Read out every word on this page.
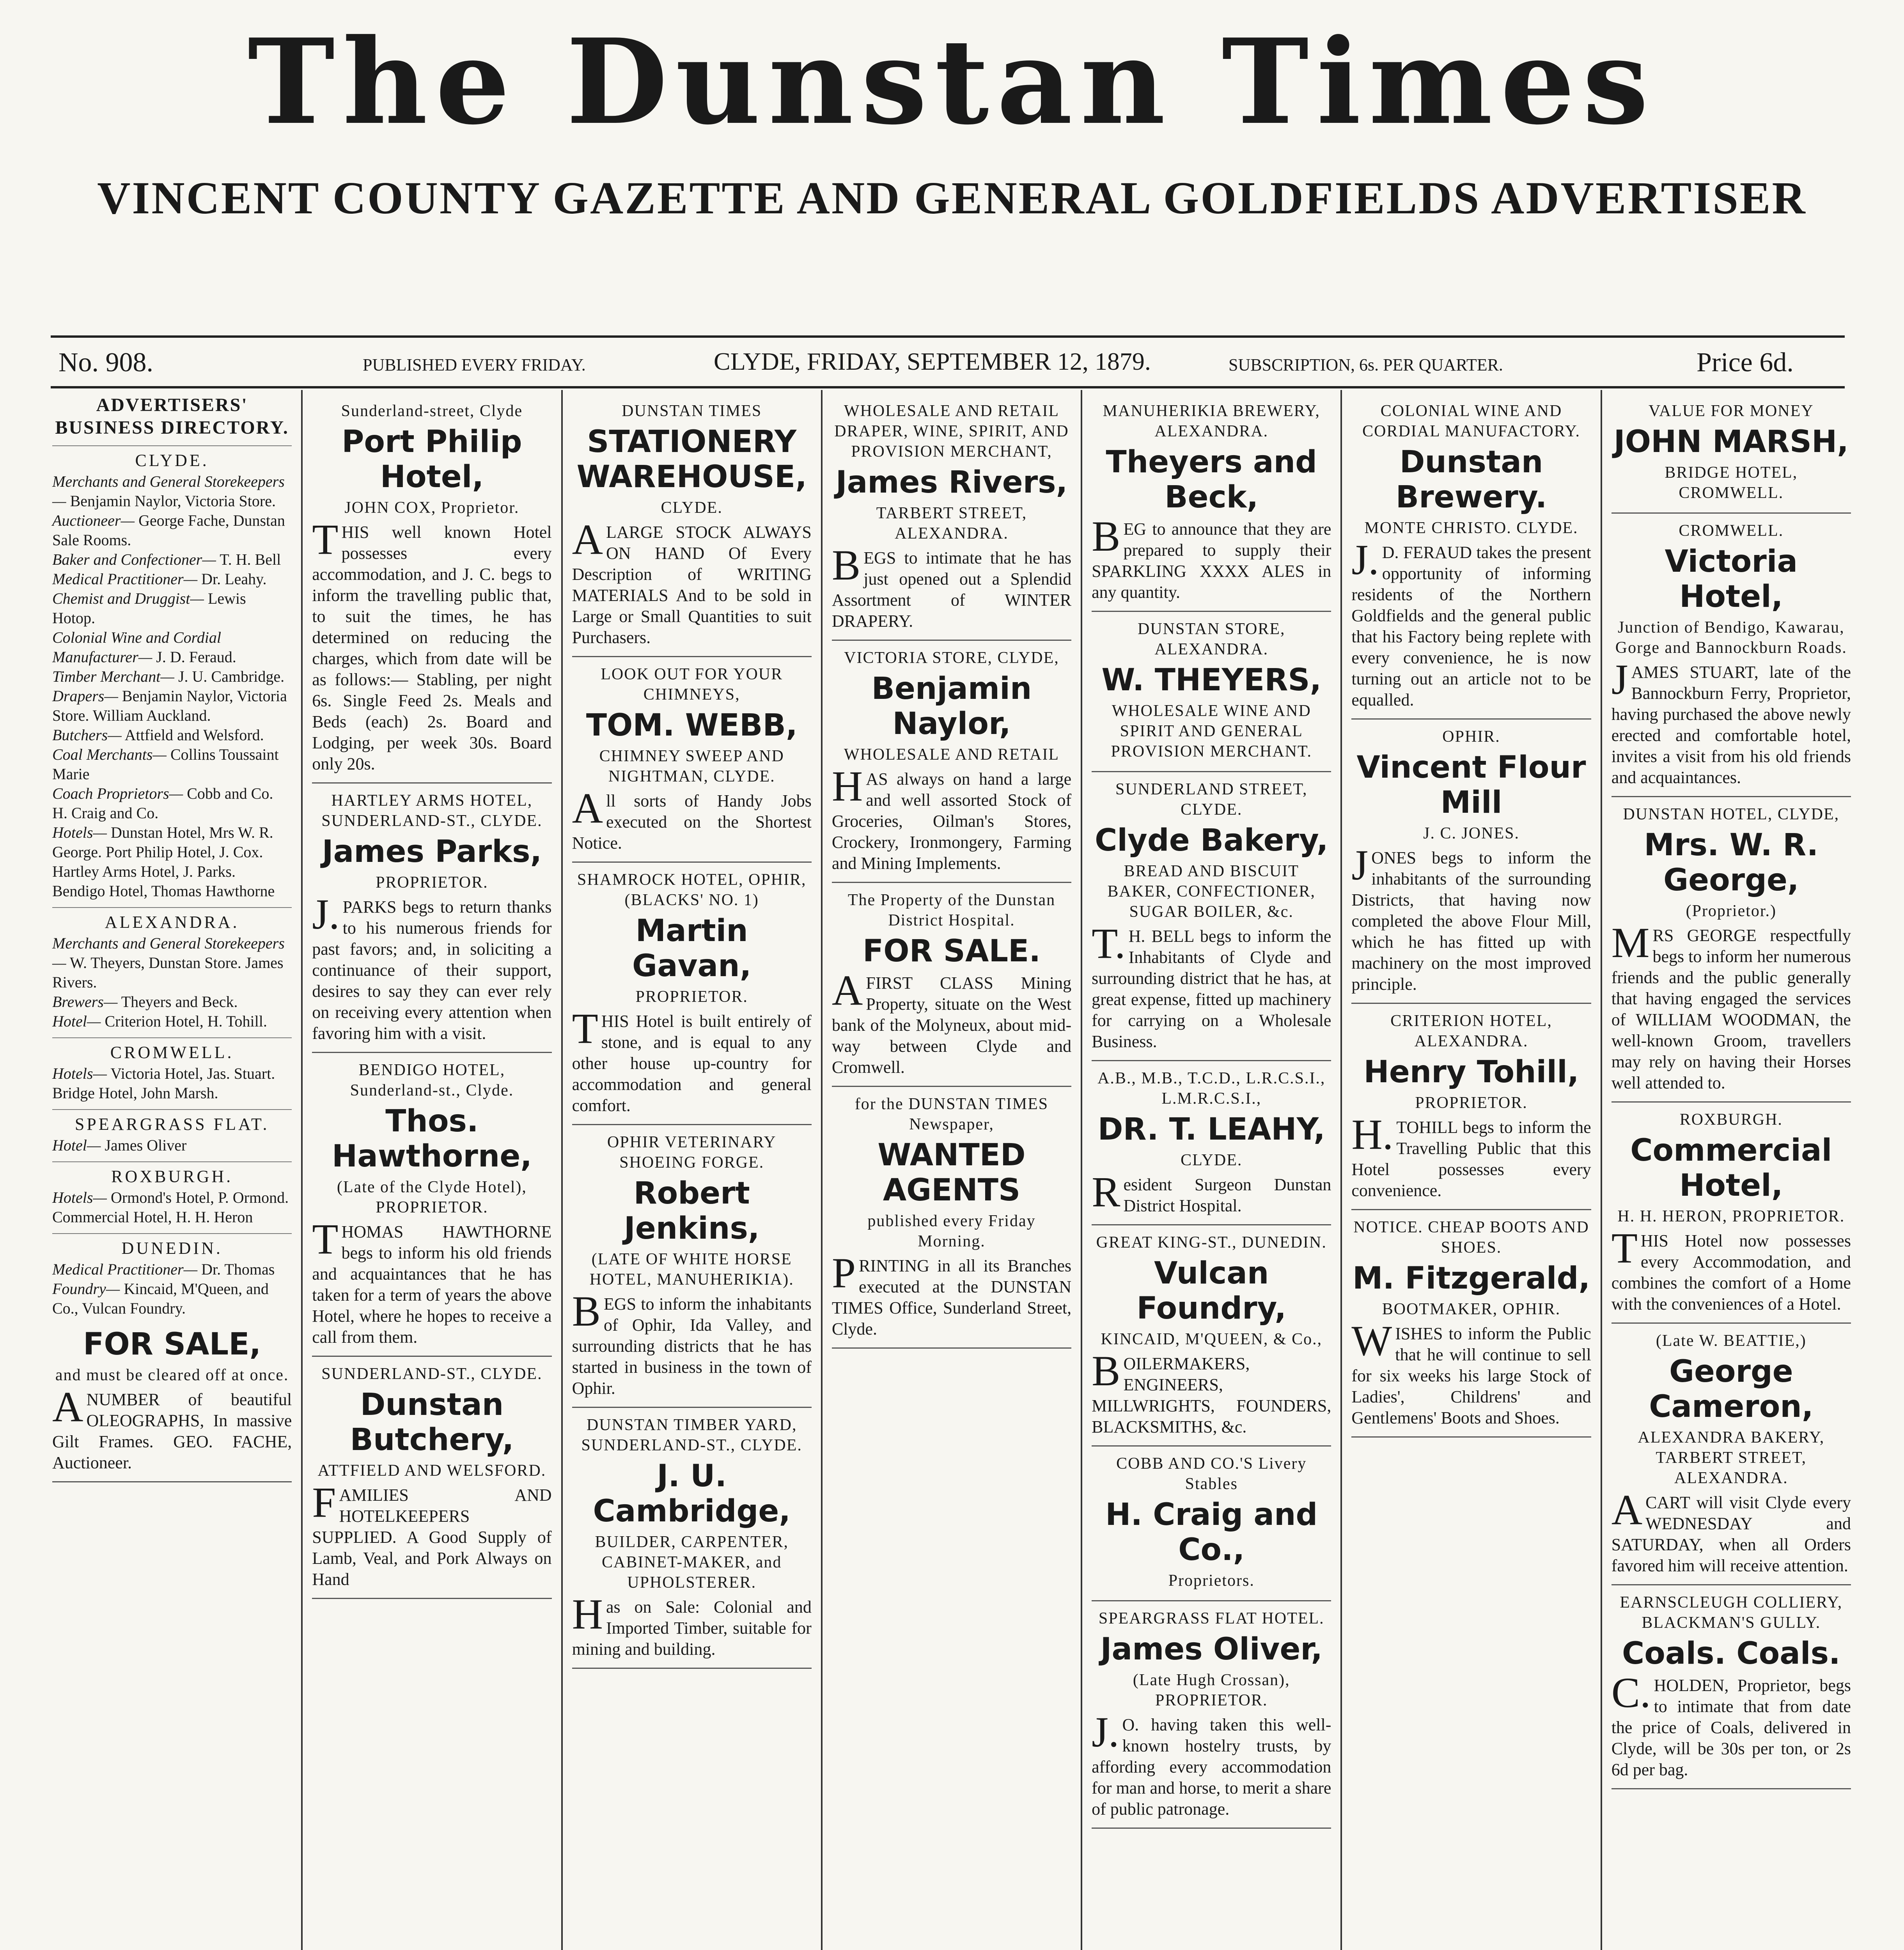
The Dunstan Times
VINCENT COUNTY GAZETTE AND GENERAL GOLDFIELDS ADVERTISER
No. 908.	PUBLISHED EVERY FRIDAY.	CLYDE, FRIDAY, SEPTEMBER 12, 1879.	SUBSCRIPTION, 6s. PER QUARTER.	Price 6d.
ADVERTISERS' BUSINESS DIRECTORY.
CLYDE.
Merchants and General Storekeepers— Benjamin Naylor, Victoria Store.
Auctioneer— George Fache, Dunstan Sale Rooms.
Baker and Confectioner— T. H. Bell
Medical Practitioner— Dr. Leahy.
Chemist and Druggist— Lewis Hotop.
Colonial Wine and Cordial Manufacturer— J. D. Feraud.
Timber Merchant— J. U. Cambridge.
Drapers— Benjamin Naylor, Victoria Store. William Auckland.
Butchers— Attfield and Welsford.
Coal Merchants— Collins Toussaint Marie
Coach Proprietors— Cobb and Co. H. Craig and Co.
Hotels— Dunstan Hotel, Mrs W. R. George. Port Philip Hotel, J. Cox. Hartley Arms Hotel, J. Parks. Bendigo Hotel, Thomas Hawthorne
ALEXANDRA.
Merchants and General Storekeepers— W. Theyers, Dunstan Store. James Rivers.
Brewers— Theyers and Beck.
Hotel— Criterion Hotel, H. Tohill.
CROMWELL.
Hotels— Victoria Hotel, Jas. Stuart. Bridge Hotel, John Marsh.
SPEARGRASS FLAT.
Hotel— James Oliver
ROXBURGH.
Hotels— Ormond's Hotel, P. Ormond. Commercial Hotel, H. H. Heron
DUNEDIN.
Medical Practitioner— Dr. Thomas
Foundry— Kincaid, M'Queen, and Co., Vulcan Foundry.
FOR SALE,
and must be cleared off at once.
ANUMBER of beautiful OLEOGRAPHS, In massive Gilt Frames. GEO. FACHE, Auctioneer.
Sunderland-street, Clyde
Port Philip Hotel,
JOHN COX, Proprietor.
THIS well known Hotel possesses every accommodation, and J. C. begs to inform the travelling public that, to suit the times, he has determined on reducing the charges, which from date will be as follows:— Stabling, per night 6s. Single Feed 2s. Meals and Beds (each) 2s. Board and Lodging, per week 30s. Board only 20s.
HARTLEY ARMS HOTEL, SUNDERLAND-ST., CLYDE.
James Parks,
PROPRIETOR.
J.PARKS begs to return thanks to his numerous friends for past favors; and, in soliciting a continuance of their support, desires to say they can ever rely on receiving every attention when favoring him with a visit.
BENDIGO HOTEL, Sunderland-st., Clyde.
Thos. Hawthorne,
(Late of the Clyde Hotel), PROPRIETOR.
THOMAS HAWTHORNE begs to inform his old friends and acquaintances that he has taken for a term of years the above Hotel, where he hopes to receive a call from them.
SUNDERLAND-ST., CLYDE.
Dunstan Butchery,
ATTFIELD AND WELSFORD.
FAMILIES AND HOTELKEEPERS SUPPLIED. A Good Supply of Lamb, Veal, and Pork Always on Hand
DUNSTAN TIMES
STATIONERY WAREHOUSE,
CLYDE.
ALARGE STOCK ALWAYS ON HAND Of Every Description of WRITING MATERIALS And to be sold in Large or Small Quantities to suit Purchasers.
LOOK OUT FOR YOUR CHIMNEYS,
TOM. WEBB,
CHIMNEY SWEEP AND NIGHTMAN, CLYDE.
All sorts of Handy Jobs executed on the Shortest Notice.
SHAMROCK HOTEL, OPHIR, (BLACKS' NO. 1)
Martin Gavan,
PROPRIETOR.
THIS Hotel is built entirely of stone, and is equal to any other house up-country for accommodation and general comfort.
OPHIR VETERINARY SHOEING FORGE.
Robert Jenkins,
(LATE OF WHITE HORSE HOTEL, MANUHERIKIA).
BEGS to inform the inhabitants of Ophir, Ida Valley, and surrounding districts that he has started in business in the town of Ophir.
DUNSTAN TIMBER YARD, SUNDERLAND-ST., CLYDE.
J. U. Cambridge,
BUILDER, CARPENTER, CABINET-MAKER, and UPHOLSTERER.
Has on Sale: Colonial and Imported Timber, suitable for mining and building.
WHOLESALE AND RETAIL DRAPER, WINE, SPIRIT, AND PROVISION MERCHANT,
James Rivers,
TARBERT STREET, ALEXANDRA.
BEGS to intimate that he has just opened out a Splendid Assortment of WINTER DRAPERY.
VICTORIA STORE, CLYDE,
Benjamin Naylor,
WHOLESALE AND RETAIL
HAS always on hand a large and well assorted Stock of Groceries, Oilman's Stores, Crockery, Ironmongery, Farming and Mining Implements.
The Property of the Dunstan District Hospital.
FOR SALE.
AFIRST CLASS Mining Property, situate on the West bank of the Molyneux, about mid-way between Clyde and Cromwell.
for the DUNSTAN TIMES Newspaper,
WANTED AGENTS
published every Friday Morning.
PRINTING in all its Branches executed at the DUNSTAN TIMES Office, Sunderland Street, Clyde.
MANUHERIKIA BREWERY, ALEXANDRA.
Theyers and Beck,
BEG to announce that they are prepared to supply their SPARKLING XXXX ALES in any quantity.
DUNSTAN STORE, ALEXANDRA.
W. THEYERS,
WHOLESALE WINE AND SPIRIT AND GENERAL PROVISION MERCHANT.
SUNDERLAND STREET, CLYDE.
Clyde Bakery,
BREAD AND BISCUIT BAKER, CONFECTIONER, SUGAR BOILER, &c.
T.H. BELL begs to inform the Inhabitants of Clyde and surrounding district that he has, at great expense, fitted up machinery for carrying on a Wholesale Business.
A.B., M.B., T.C.D., L.R.C.S.I., L.M.R.C.S.I.,
DR. T. LEAHY,
CLYDE.
Resident Surgeon Dunstan District Hospital.
GREAT KING-ST., DUNEDIN.
Vulcan Foundry,
KINCAID, M'QUEEN, & Co.,
BOILERMAKERS, ENGINEERS, MILLWRIGHTS, FOUNDERS, BLACKSMITHS, &c.
COBB AND CO.'S Livery Stables
H. Craig and Co.,
Proprietors.
SPEARGRASS FLAT HOTEL.
James Oliver,
(Late Hugh Crossan), PROPRIETOR.
J.O. having taken this well-known hostelry trusts, by affording every accommodation for man and horse, to merit a share of public patronage.
COLONIAL WINE AND CORDIAL MANUFACTORY.
Dunstan Brewery.
MONTE CHRISTO. CLYDE.
J.D. FERAUD takes the present opportunity of informing residents of the Northern Goldfields and the general public that his Factory being replete with every convenience, he is now turning out an article not to be equalled.
OPHIR.
Vincent Flour Mill
J. C. JONES.
JONES begs to inform the inhabitants of the surrounding Districts, that having now completed the above Flour Mill, which he has fitted up with machinery on the most improved principle.
CRITERION HOTEL, ALEXANDRA.
Henry Tohill,
PROPRIETOR.
H.TOHILL begs to inform the Travelling Public that this Hotel possesses every convenience.
NOTICE. CHEAP BOOTS AND SHOES.
M. Fitzgerald,
BOOTMAKER, OPHIR.
WISHES to inform the Public that he will continue to sell for six weeks his large Stock of Ladies', Childrens' and Gentlemens' Boots and Shoes.
VALUE FOR MONEY
JOHN MARSH,
BRIDGE HOTEL, CROMWELL.
CROMWELL.
Victoria Hotel,
Junction of Bendigo, Kawarau, Gorge and Bannockburn Roads.
JAMES STUART, late of the Bannockburn Ferry, Proprietor, having purchased the above newly erected and comfortable hotel, invites a visit from his old friends and acquaintances.
DUNSTAN HOTEL, CLYDE,
Mrs. W. R. George,
(Proprietor.)
MRS GEORGE respectfully begs to inform her numerous friends and the public generally that having engaged the services of WILLIAM WOODMAN, the well-known Groom, travellers may rely on having their Horses well attended to.
ROXBURGH.
Commercial Hotel,
H. H. HERON, PROPRIETOR.
THIS Hotel now possesses every Accommodation, and combines the comfort of a Home with the conveniences of a Hotel.
(Late W. BEATTIE,)
George Cameron,
ALEXANDRA BAKERY, TARBERT STREET, ALEXANDRA.
ACART will visit Clyde every WEDNESDAY and SATURDAY, when all Orders favored him will receive attention.
EARNSCLEUGH COLLIERY, BLACKMAN'S GULLY.
Coals. Coals.
C.HOLDEN, Proprietor, begs to intimate that from date the price of Coals, delivered in Clyde, will be 30s per ton, or 2s 6d per bag.
